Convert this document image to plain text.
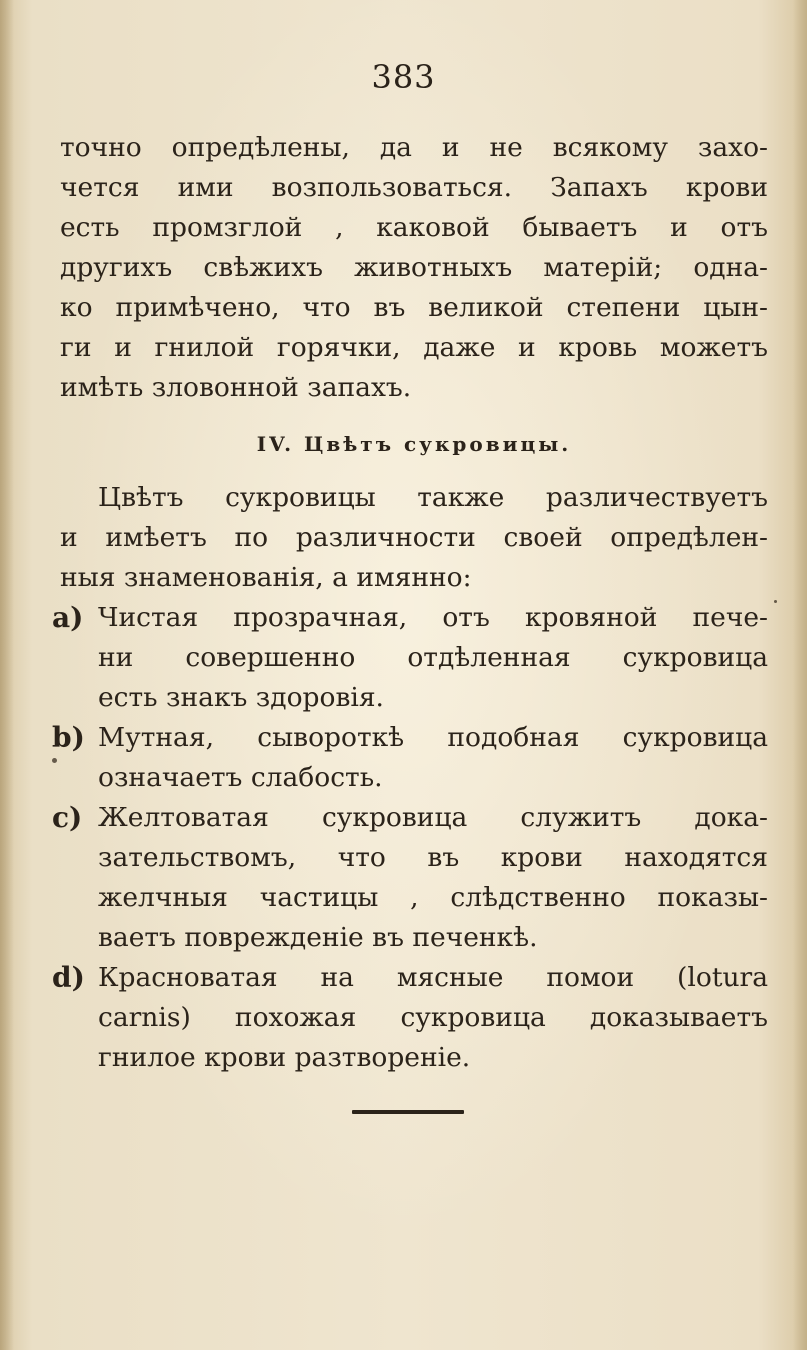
383
точно опредѣлены, да и не всякому захо-
чется ими возпользоваться. Запахъ крови
есть промзглой , каковой бываетъ и отъ
другихъ свѣжихъ животныхъ матерій; одна-
ко примѣчено, что въ великой степени цын-
ги и гнилой горячки, даже и кровь можетъ
имѣть зловонной запахъ.
IV. Цвѣтъ сукровицы.
Цвѣтъ сукровицы также различествуетъ
и имѣетъ по различности своей опредѣлен-
ныя знаменованія, а имянно:
a) Чистая прозрачная, отъ кровяной пече-
ни совершенно отдѣленная сукровица
есть знакъ здоровія.
b) Мутная, сывороткѣ подобная сукровица
означаетъ слабость.
c) Желтоватая сукровица служитъ дока-
зательствомъ, что въ крови находятся
желчныя частицы , слѣдственно показы-
ваетъ поврежденіе въ печенкѣ.
d) Красноватая на мясные помои (lotura
carnis) похожая сукровица доказываетъ
гнилое крови разтвореніе.
